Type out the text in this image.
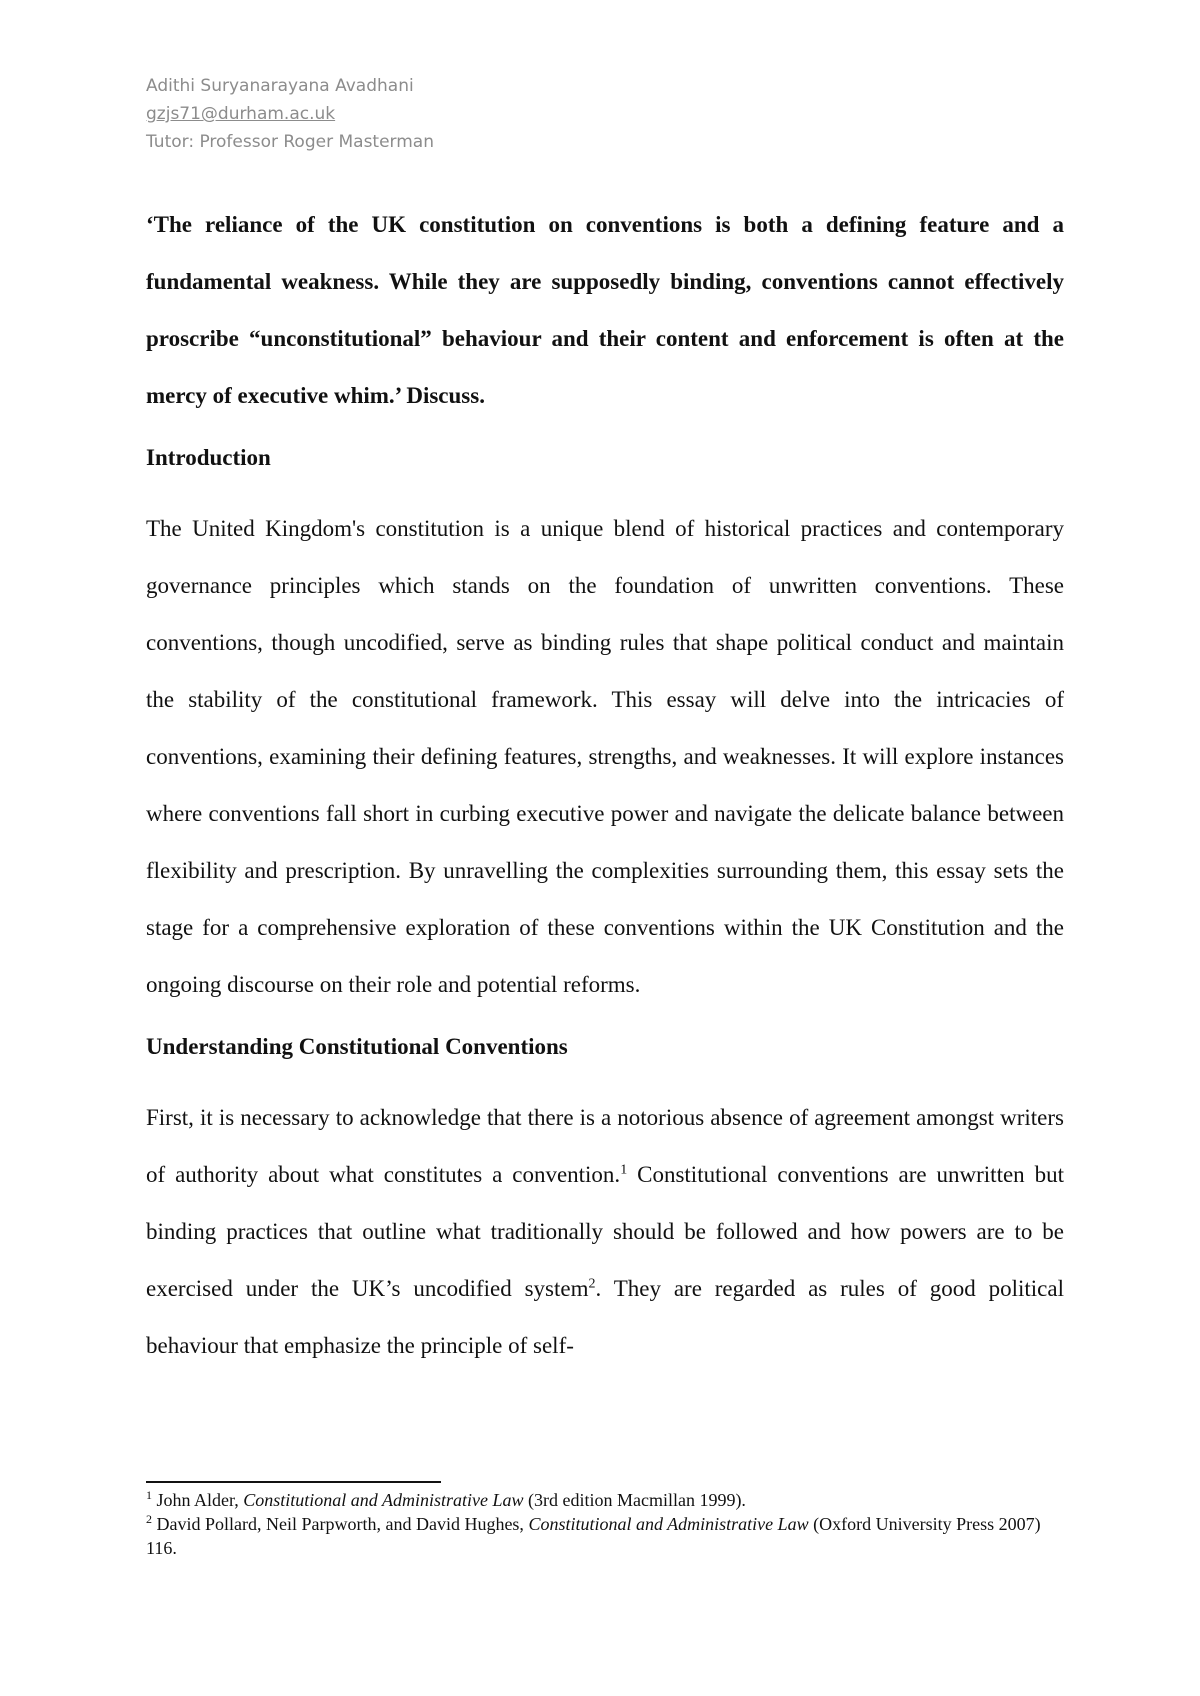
Adithi Suryanarayana Avadhani
gzjs71@durham.ac.uk
Tutor: Professor Roger Masterman

‘The reliance of the UK constitution on conventions is both a defining feature and a fundamental weakness. While they are supposedly binding, conventions cannot effectively proscribe “unconstitutional” behaviour and their content and enforcement is often at the mercy of executive whim.’ Discuss.

Introduction

The United Kingdom's constitution is a unique blend of historical practices and contemporary governance principles which stands on the foundation of unwritten conventions. These conventions, though uncodified, serve as binding rules that shape political conduct and maintain the stability of the constitutional framework. This essay will delve into the intricacies of conventions, examining their defining features, strengths, and weaknesses. It will explore instances where conventions fall short in curbing executive power and navigate the delicate balance between flexibility and prescription. By unravelling the complexities surrounding them, this essay sets the stage for a comprehensive exploration of these conventions within the UK Constitution and the ongoing discourse on their role and potential reforms.

Understanding Constitutional Conventions

First, it is necessary to acknowledge that there is a notorious absence of agreement amongst writers of authority about what constitutes a convention.$^1$ Constitutional conventions are unwritten but binding practices that outline what traditionally should be followed and how powers are to be exercised under the UK’s uncodified system$^2$. They are regarded as rules of good political behaviour that emphasize the principle of self-

$^1$ John Alder, Constitutional and Administrative Law (3rd edition Macmillan 1999).

$^2$ David Pollard, Neil Parpworth, and David Hughes, Constitutional and Administrative Law (Oxford University Press 2007) 116.
